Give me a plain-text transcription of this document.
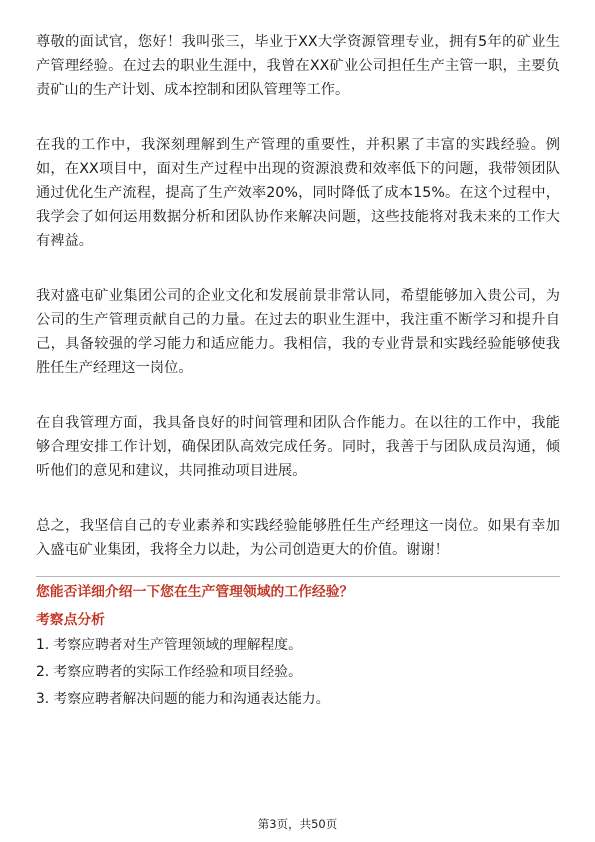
尊敬的面试官，您好！我叫张三，毕业于XX大学资源管理专业，拥有5年的矿业生产管理经验。在过去的职业生涯中，我曾在XX矿业公司担任生产主管一职，主要负责矿山的生产计划、成本控制和团队管理等工作。

在我的工作中，我深刻理解到生产管理的重要性，并积累了丰富的实践经验。例如，在XX项目中，面对生产过程中出现的资源浪费和效率低下的问题，我带领团队通过优化生产流程，提高了生产效率20%，同时降低了成本15%。在这个过程中，我学会了如何运用数据分析和团队协作来解决问题，这些技能将对我未来的工作大有裨益。

我对盛屯矿业集团公司的企业文化和发展前景非常认同，希望能够加入贵公司，为公司的生产管理贡献自己的力量。在过去的职业生涯中，我注重不断学习和提升自己，具备较强的学习能力和适应能力。我相信，我的专业背景和实践经验能够使我胜任生产经理这一岗位。

在自我管理方面，我具备良好的时间管理和团队合作能力。在以往的工作中，我能够合理安排工作计划，确保团队高效完成任务。同时，我善于与团队成员沟通，倾听他们的意见和建议，共同推动项目进展。

总之，我坚信自己的专业素养和实践经验能够胜任生产经理这一岗位。如果有幸加入盛屯矿业集团，我将全力以赴，为公司创造更大的价值。谢谢！

您能否详细介绍一下您在生产管理领域的工作经验？
考察点分析
1. 考察应聘者对生产管理领域的理解程度。
2. 考察应聘者的实际工作经验和项目经验。
3. 考察应聘者解决问题的能力和沟通表达能力。
第3页，共50页
